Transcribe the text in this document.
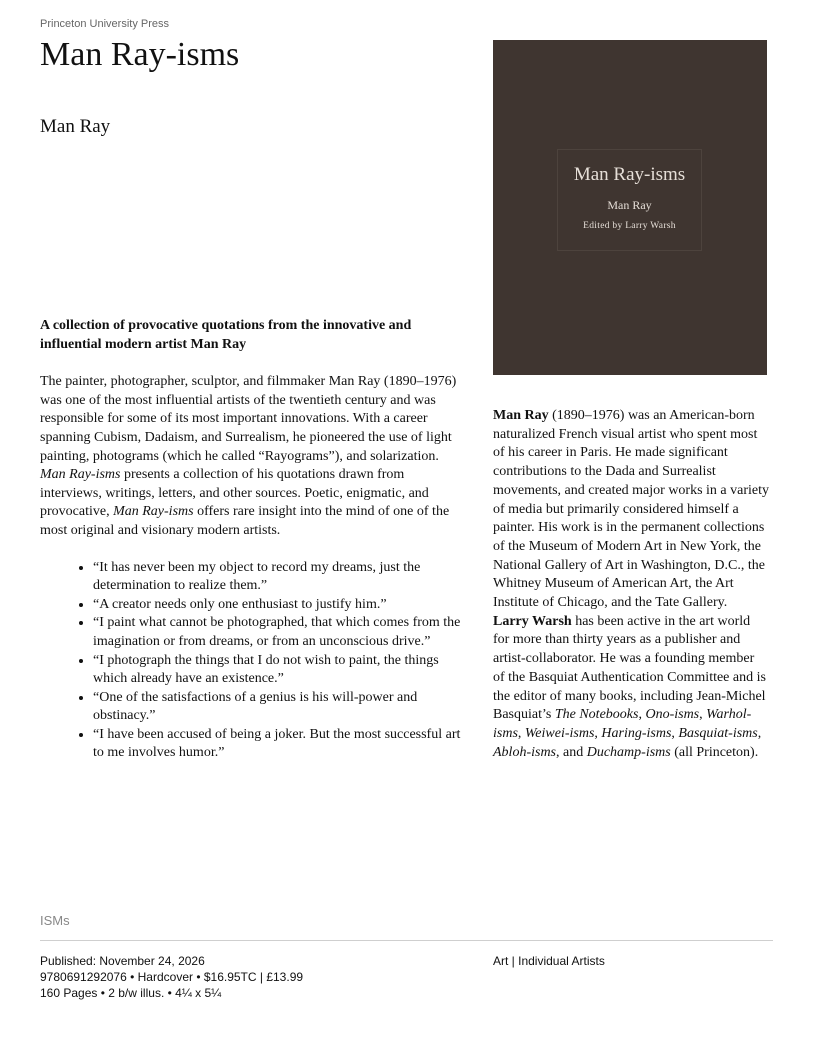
Princeton University Press
Man Ray-isms
Man Ray
Man Ray-isms
Man Ray
Edited by Larry Warsh

A collection of provocative quotations from the innovative and influential modern artist Man Ray

The painter, photographer, sculptor, and filmmaker Man Ray (1890–1976) was one of the most influential artists of the twentieth century and was responsible for some of its most important innovations. With a career spanning Cubism, Dadaism, and Surrealism, he pioneered the use of light painting, photograms (which he called “Rayograms”), and solarization. Man Ray-isms presents a collection of his quotations drawn from interviews, writings, letters, and other sources. Poetic, enigmatic, and provocative, Man Ray-isms offers rare insight into the mind of one of the most original and visionary modern artists.

• “It has never been my object to record my dreams, just the determination to realize them.”
• “A creator needs only one enthusiast to justify him.”
• “I paint what cannot be photographed, that which comes from the imagination or from dreams, or from an unconscious drive.”
• “I photograph the things that I do not wish to paint, the things which already have an existence.”
• “One of the satisfactions of a genius is his will-power and obstinacy.”
• “I have been accused of being a joker. But the most successful art to me involves humor.”

Man Ray (1890–1976) was an American-born naturalized French visual artist who spent most of his career in Paris. He made significant contributions to the Dada and Surrealist movements, and created major works in a variety of media but primarily considered himself a painter. His work is in the permanent collections of the Museum of Modern Art in New York, the National Gallery of Art in Washington, D.C., the Whitney Museum of American Art, the Art Institute of Chicago, and the Tate Gallery.

Larry Warsh has been active in the art world for more than thirty years as a publisher and artist-collaborator. He was a founding member of the Basquiat Authentication Committee and is the editor of many books, including Jean-Michel Basquiat’s The Notebooks, Ono-isms, Warhol-isms, Weiwei-isms, Haring-isms, Basquiat-isms, Abloh-isms, and Duchamp-isms (all Princeton).

ISMs
Published: November 24, 2026
9780691292076 • Hardcover • $16.95TC | £13.99
160 Pages • 2 b/w illus. • 4¼ x 5¼
Art | Individual Artists
